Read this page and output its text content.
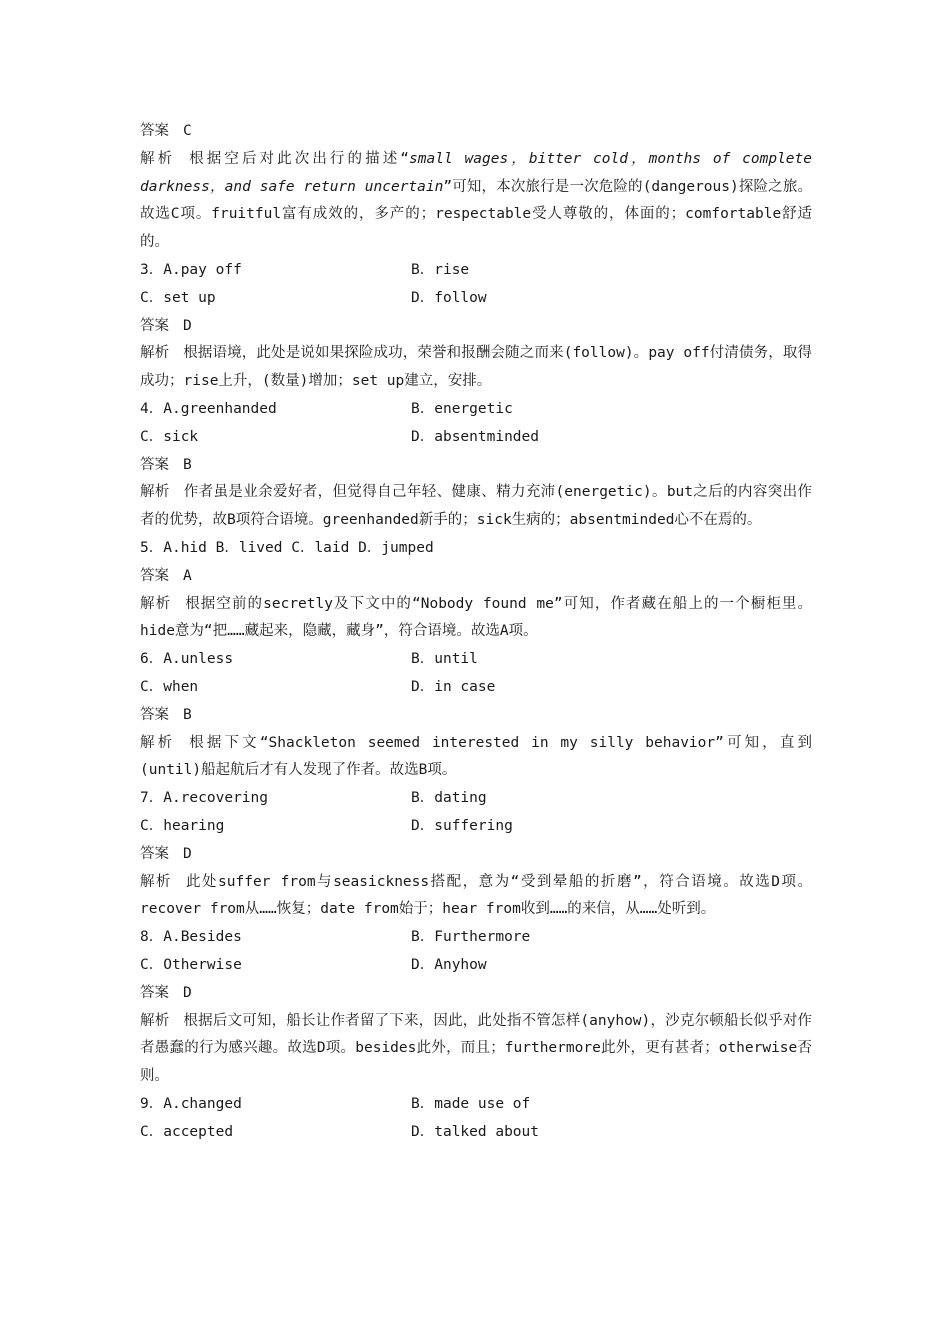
答案 C
解析 根据空后对此次出行的描述“small wages，bitter cold，months of complete darkness，and safe return uncertain”可知，本次旅行是一次危险的(dangerous)探险之旅。故选C项。fruitful富有成效的，多产的；respectable受人尊敬的，体面的；comfortable舒适的。
3．A.pay off	B．rise
C．set up	D．follow
答案 D
解析 根据语境，此处是说如果探险成功，荣誉和报酬会随之而来(follow)。pay off付清债务，取得成功；rise上升，(数量)增加；set up建立，安排。
4．A.greenhanded	B．energetic
C．sick	D．absentminded
答案 B
解析 作者虽是业余爱好者，但觉得自己年轻、健康、精力充沛(energetic)。but之后的内容突出作者的优势，故B项符合语境。greenhanded新手的；sick生病的；absentminded心不在焉的。
5．A.hid B．lived C．laid D．jumped
答案 A
解析 根据空前的secretly及下文中的“Nobody found me”可知，作者藏在船上的一个橱柜里。hide意为“把……藏起来，隐藏，藏身”，符合语境。故选A项。
6．A.unless	B．until
C．when	D．in case
答案 B
解析 根据下文“Shackleton seemed interested in my silly behavior”可知，直到(until)船起航后才有人发现了作者。故选B项。
7．A.recovering	B．dating
C．hearing	D．suffering
答案 D
解析 此处suffer from与seasickness搭配，意为“受到晕船的折磨”，符合语境。故选D项。recover from从……恢复；date from始于；hear from收到……的来信，从……处听到。
8．A.Besides	B．Furthermore
C．Otherwise	D．Anyhow
答案 D
解析 根据后文可知，船长让作者留了下来，因此，此处指不管怎样(anyhow)，沙克尔顿船长似乎对作者愚蠢的行为感兴趣。故选D项。besides此外，而且；furthermore此外，更有甚者；otherwise否则。
9．A.changed	B．made use of
C．accepted	D．talked about
